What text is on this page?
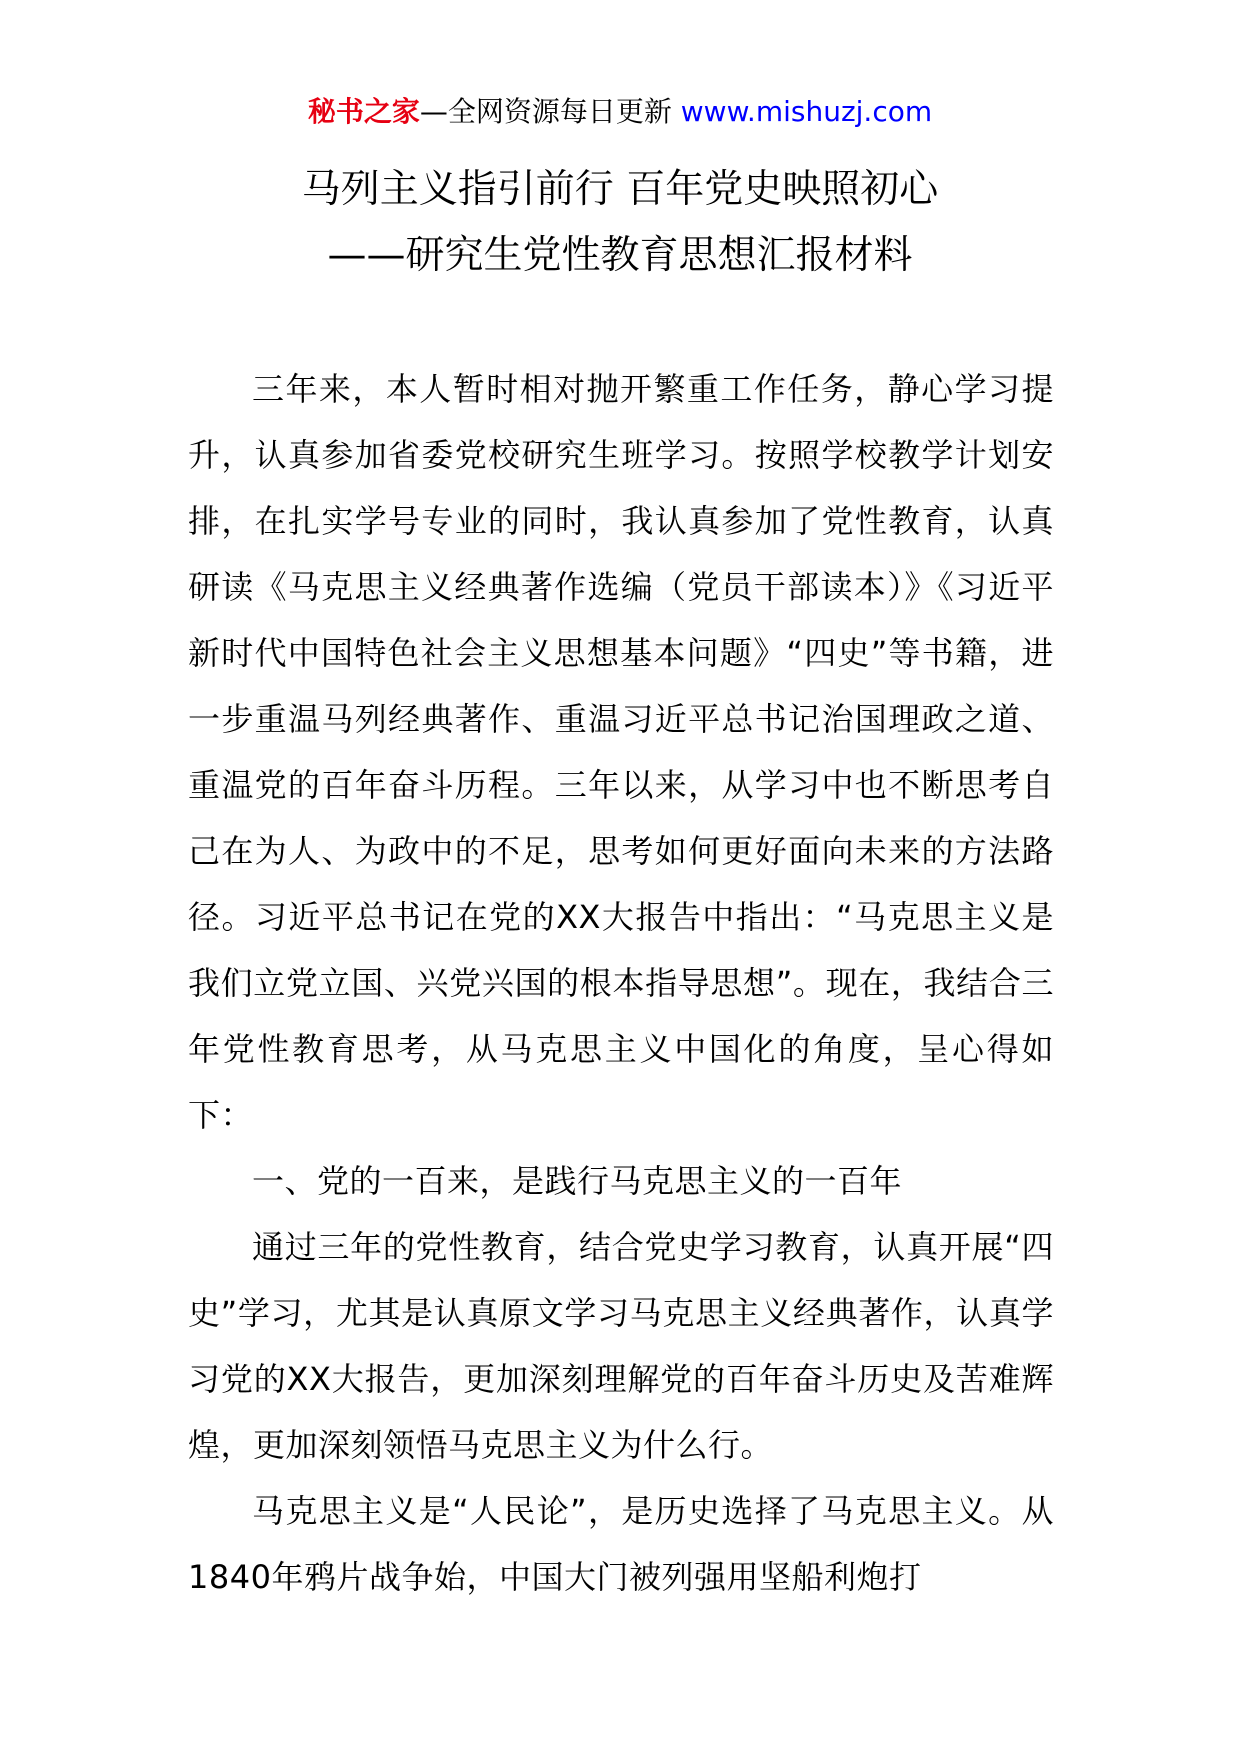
秘书之家—全网资源每日更新 www.mishuzj.com
马列主义指引前行 百年党史映照初心
——研究生党性教育思想汇报材料

三年来，本人暂时相对抛开繁重工作任务，静心学习提升，认真参加省委党校研究生班学习。按照学校教学计划安排，在扎实学号专业的同时，我认真参加了党性教育，认真研读《马克思主义经典著作选编（党员干部读本）》《习近平新时代中国特色社会主义思想基本问题》“四史”等书籍，进一步重温马列经典著作、重温习近平总书记治国理政之道、重温党的百年奋斗历程。三年以来，从学习中也不断思考自己在为人、为政中的不足，思考如何更好面向未来的方法路径。习近平总书记在党的XX大报告中指出：“马克思主义是我们立党立国、兴党兴国的根本指导思想”。现在，我结合三年党性教育思考，从马克思主义中国化的角度，呈心得如下：

一、党的一百来，是践行马克思主义的一百年

通过三年的党性教育，结合党史学习教育，认真开展“四史”学习，尤其是认真原文学习马克思主义经典著作，认真学习党的XX大报告，更加深刻理解党的百年奋斗历史及苦难辉煌，更加深刻领悟马克思主义为什么行。

马克思主义是“人民论”，是历史选择了马克思主义。从1840年鸦片战争始，中国大门被列强用坚船利炮打
